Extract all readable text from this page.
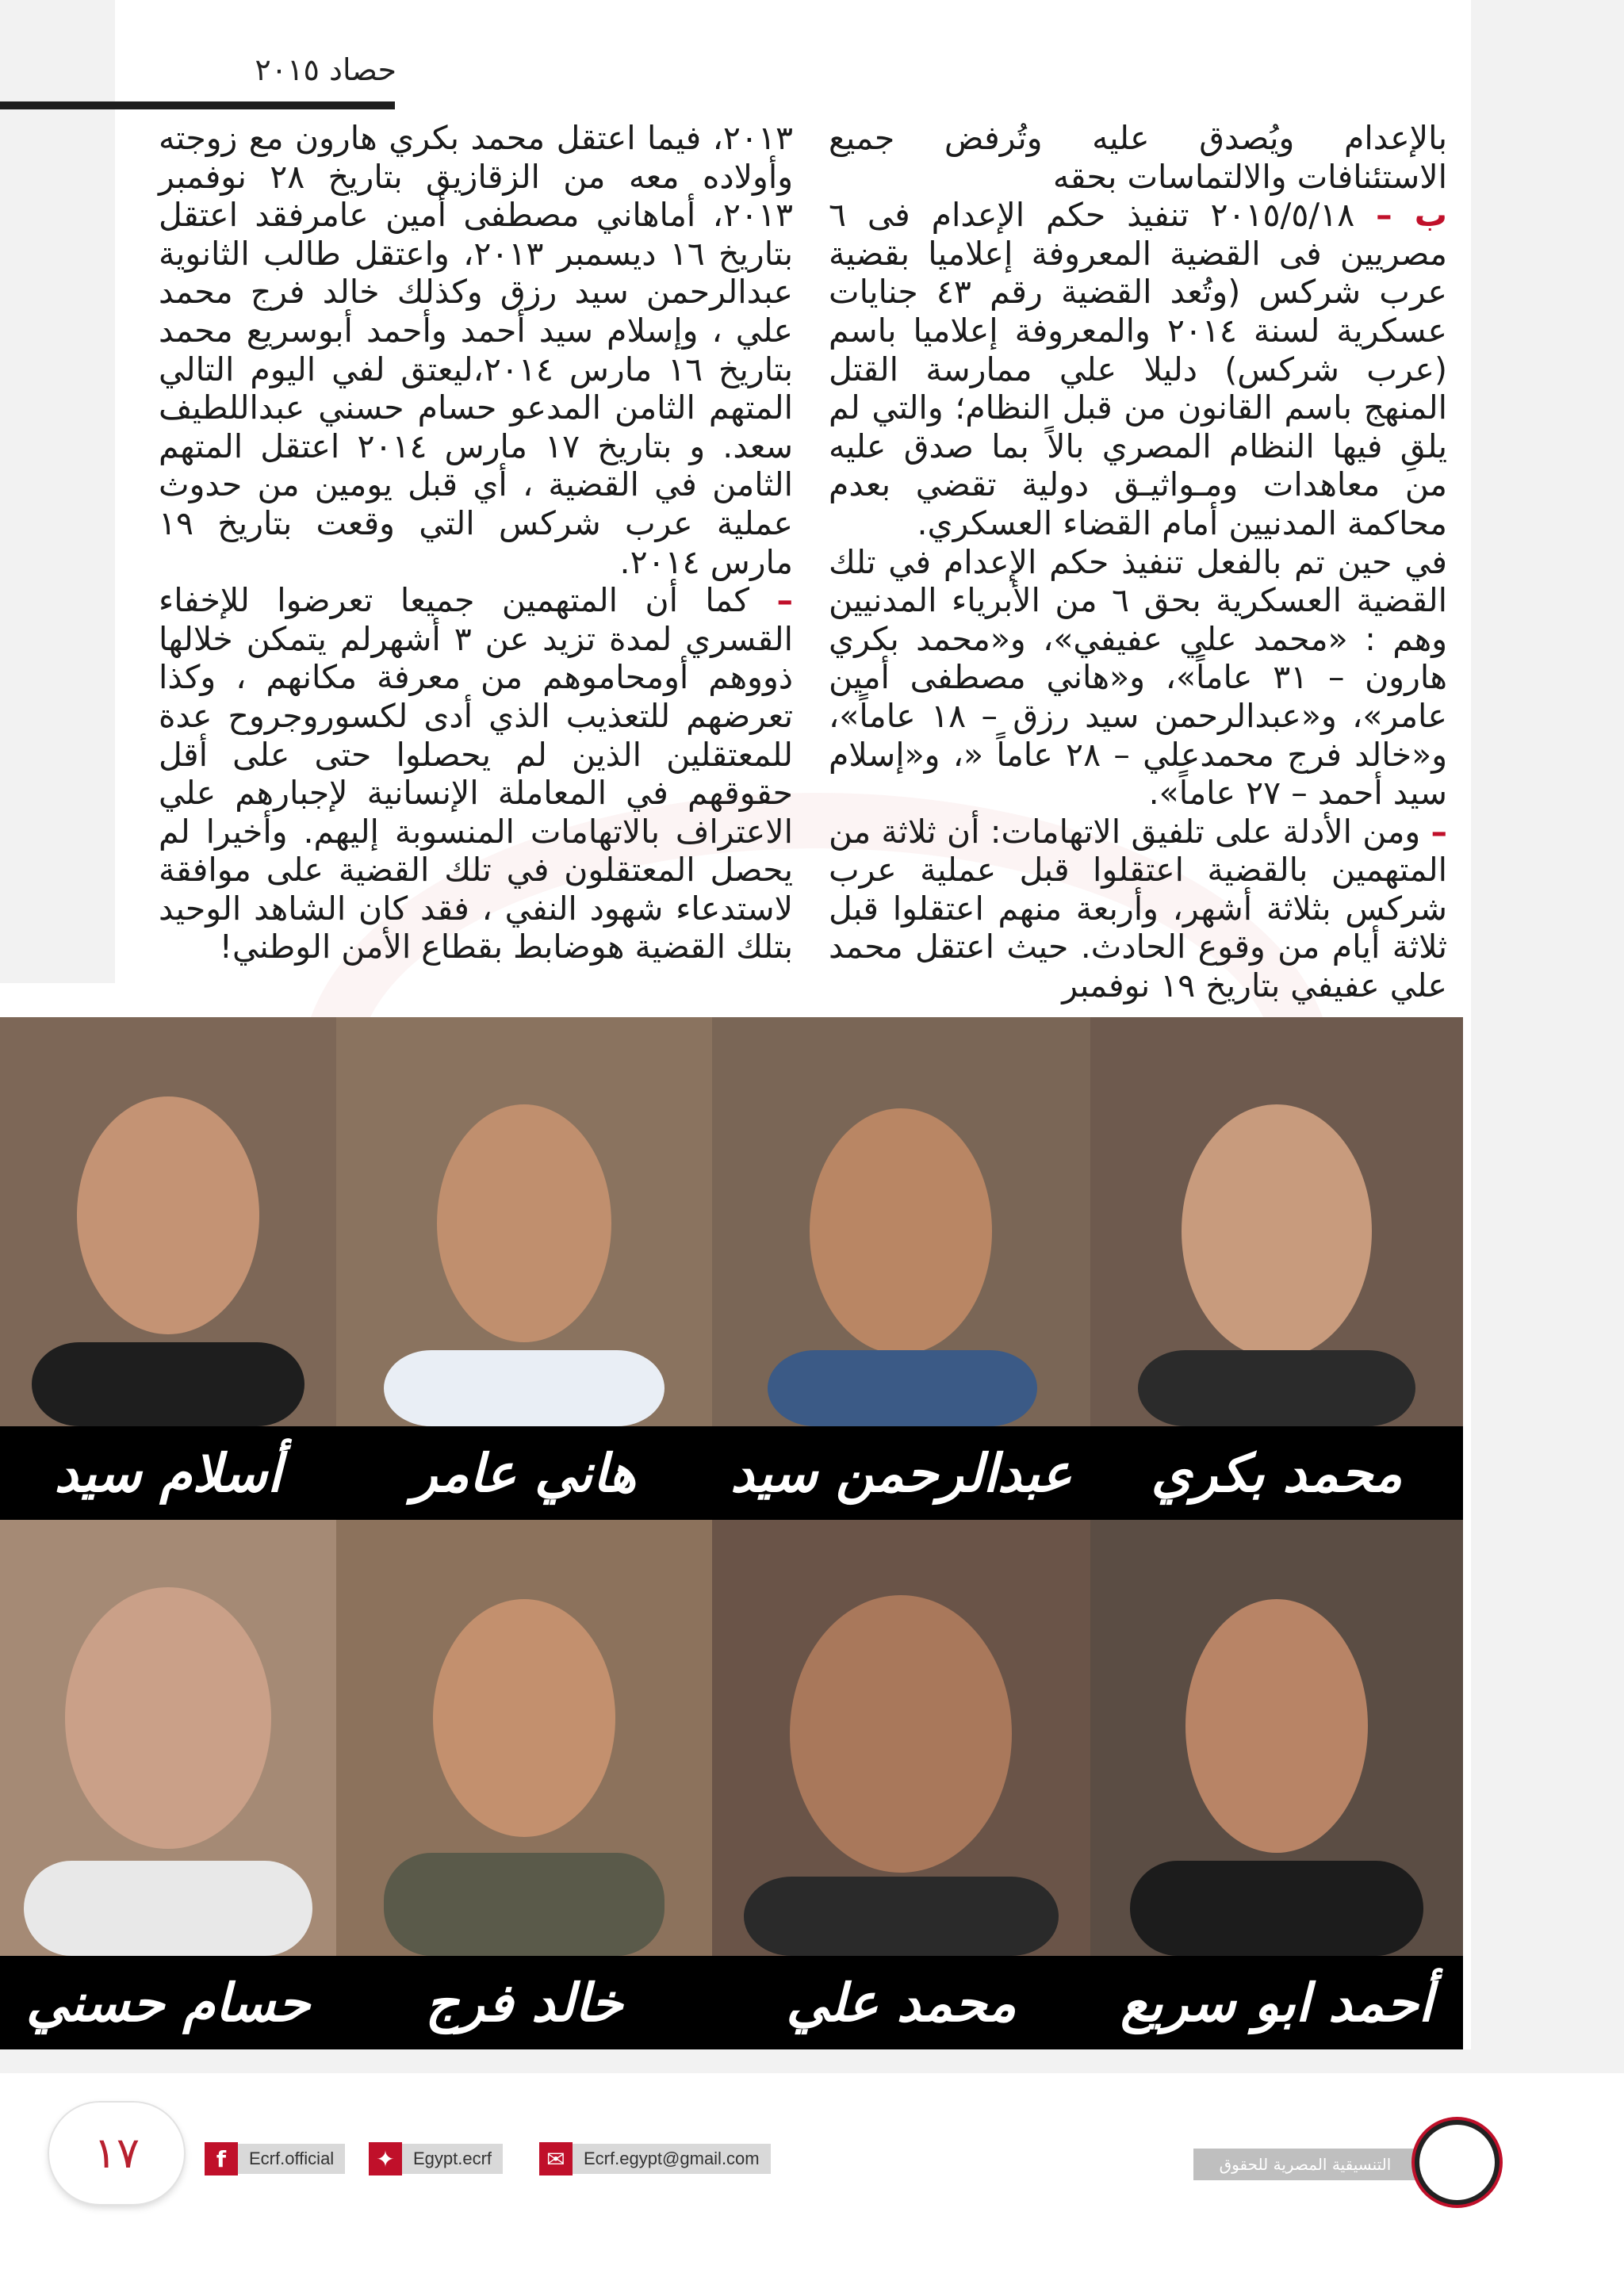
حصاد ٢٠١٥

بالإعدام ويُصدق عليه وتُرفض جميع الاستئنافات والالتماسات بحقه

ب – ٢٠١٥/٥/١٨ تنفيذ حكم الإعدام فى ٦ مصريين فى القضية المعروفة إعلاميا بقضية عرب شركس (وتُعد القضية رقم ٤٣ جنايات عسكرية لسنة ٢٠١٤ والمعروفة إعلاميا باسم (عرب شركس) دليلا علي ممارسة القتل المنهج باسم القانون من قبل النظام؛ والتي لم يلقِ فيها النظام المصري بالاً بما صدق عليه من معاهدات ومـواثيـق دولية تقضي بعدم محاكمة المدنيين أمام القضاء العسكري.

في حين تم بالفعل تنفيذ حكم الإعدام في تلك القضية العسكرية بحق ٦ من الأبرياء المدنيين وهم : «محمد علي عفيفي»، و«محمد بكري هارون – ٣١ عاماً»، و«هاني مصطفى أمين عامر»، و«عبدالرحمن سيد رزق – ١٨ عاماً»، و«خالد فرج محمدعلي – ٢٨ عاماً «، و«إسلام سيد أحمد – ٢٧ عاماً».

– ومن الأدلة على تلفيق الاتهامات: أن ثلاثة من المتهمين بالقضية اعتقلوا قبل عملية عرب شركس بثلاثة أشهر، وأربعة منهم اعتقلوا قبل ثلاثة أيام من وقوع الحادث. حيث اعتقل محمد علي عفيفي بتاريخ ١٩ نوفمبر

٢٠١٣، فيما اعتقل محمد بكري هارون مع زوجته وأولاده معه من الزقازيق بتاريخ ٢٨ نوفمبر ٢٠١٣، أماهاني مصطفى أمين عامرفقد اعتقل بتاريخ ١٦ ديسمبر ٢٠١٣، واعتقل طالب الثانوية عبدالرحمن سيد رزق وكذلك خالد فرج محمد علي ، وإسلام سيد أحمد وأحمد أبوسريع محمد بتاريخ ١٦ مارس ٢٠١٤،ليعتق لفي اليوم التالي المتهم الثامن المدعو حسام حسني عبداللطيف سعد. و بتاريخ ١٧ مارس ٢٠١٤ اعتقل المتهم الثامن في القضية ، أي قبل يومين من حدوث عملية عرب شركس التي وقعت بتاريخ ١٩ مارس ٢٠١٤.

– كما أن المتهمين جميعا تعرضوا للإخفاء القسري لمدة تزيد عن ٣ أشهرلم يتمكن خلالها ذووهم أومحاموهم من معرفة مكانهم ، وكذا تعرضهم للتعذيب الذي أدى لكسوروجروح عدة للمعتقلين الذين لم يحصلوا حتى على أقل حقوقهم في المعاملة الإنسانية لإجبارهم علي الاعتراف بالاتهامات المنسوبة إليهم. وأخيرا لم يحصل المعتقلون في تلك القضية على موافقة لاستدعاء شهود النفي ، فقد كان الشاهد الوحيد بتلك القضية هوضابط بقطاع الأمن الوطني!

محمد بكري
عبدالرحمن سيد
هاني عامر
أسلام سيد
أحمد ابو سريع
محمد علي
خالد فرج
حسام حسني
١٧	f	Ecrf.official	✦	Egypt.ecrf	✉	Ecrf.egypt@gmail.com	التنسيقية المصرية للحقوق والحريات
